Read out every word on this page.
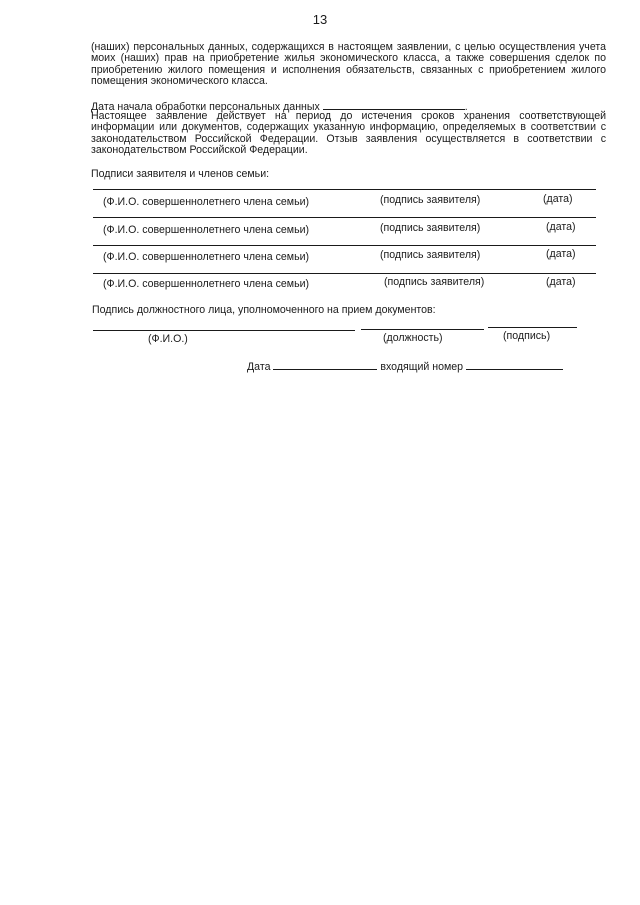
13

(наших) персональных данных, содержащихся в настоящем заявлении, с целью осуществления учета моих (наших) прав на приобретение жилья экономического класса, а также совершения сделок по приобретению жилого помещения и исполнения обязательств, связанных с приобретением жилого помещения экономического класса.

Дата начала обработки персональных данных	.

Настоящее заявление действует на период до истечения сроков хранения соответствующей информации или документов, содержащих указанную информацию, определяемых в соответствии с законодательством Российской Федерации. Отзыв заявления осуществляется в соответствии с законодательством Российской Федерации.

Подписи заявителя и членов семьи:
(Ф.И.О. совершеннолетнего члена семьи)	(подпись заявителя)	(дата)
(Ф.И.О. совершеннолетнего члена семьи)	(подпись заявителя)	(дата)
(Ф.И.О. совершеннолетнего члена семьи)	(подпись заявителя)	(дата)
(Ф.И.О. совершеннолетнего члена семьи)	(подпись заявителя)	(дата)
Подпись должностного лица, уполномоченного на прием документов:
(Ф.И.О.)	(должность)	(подпись)
Дата	входящий номер
